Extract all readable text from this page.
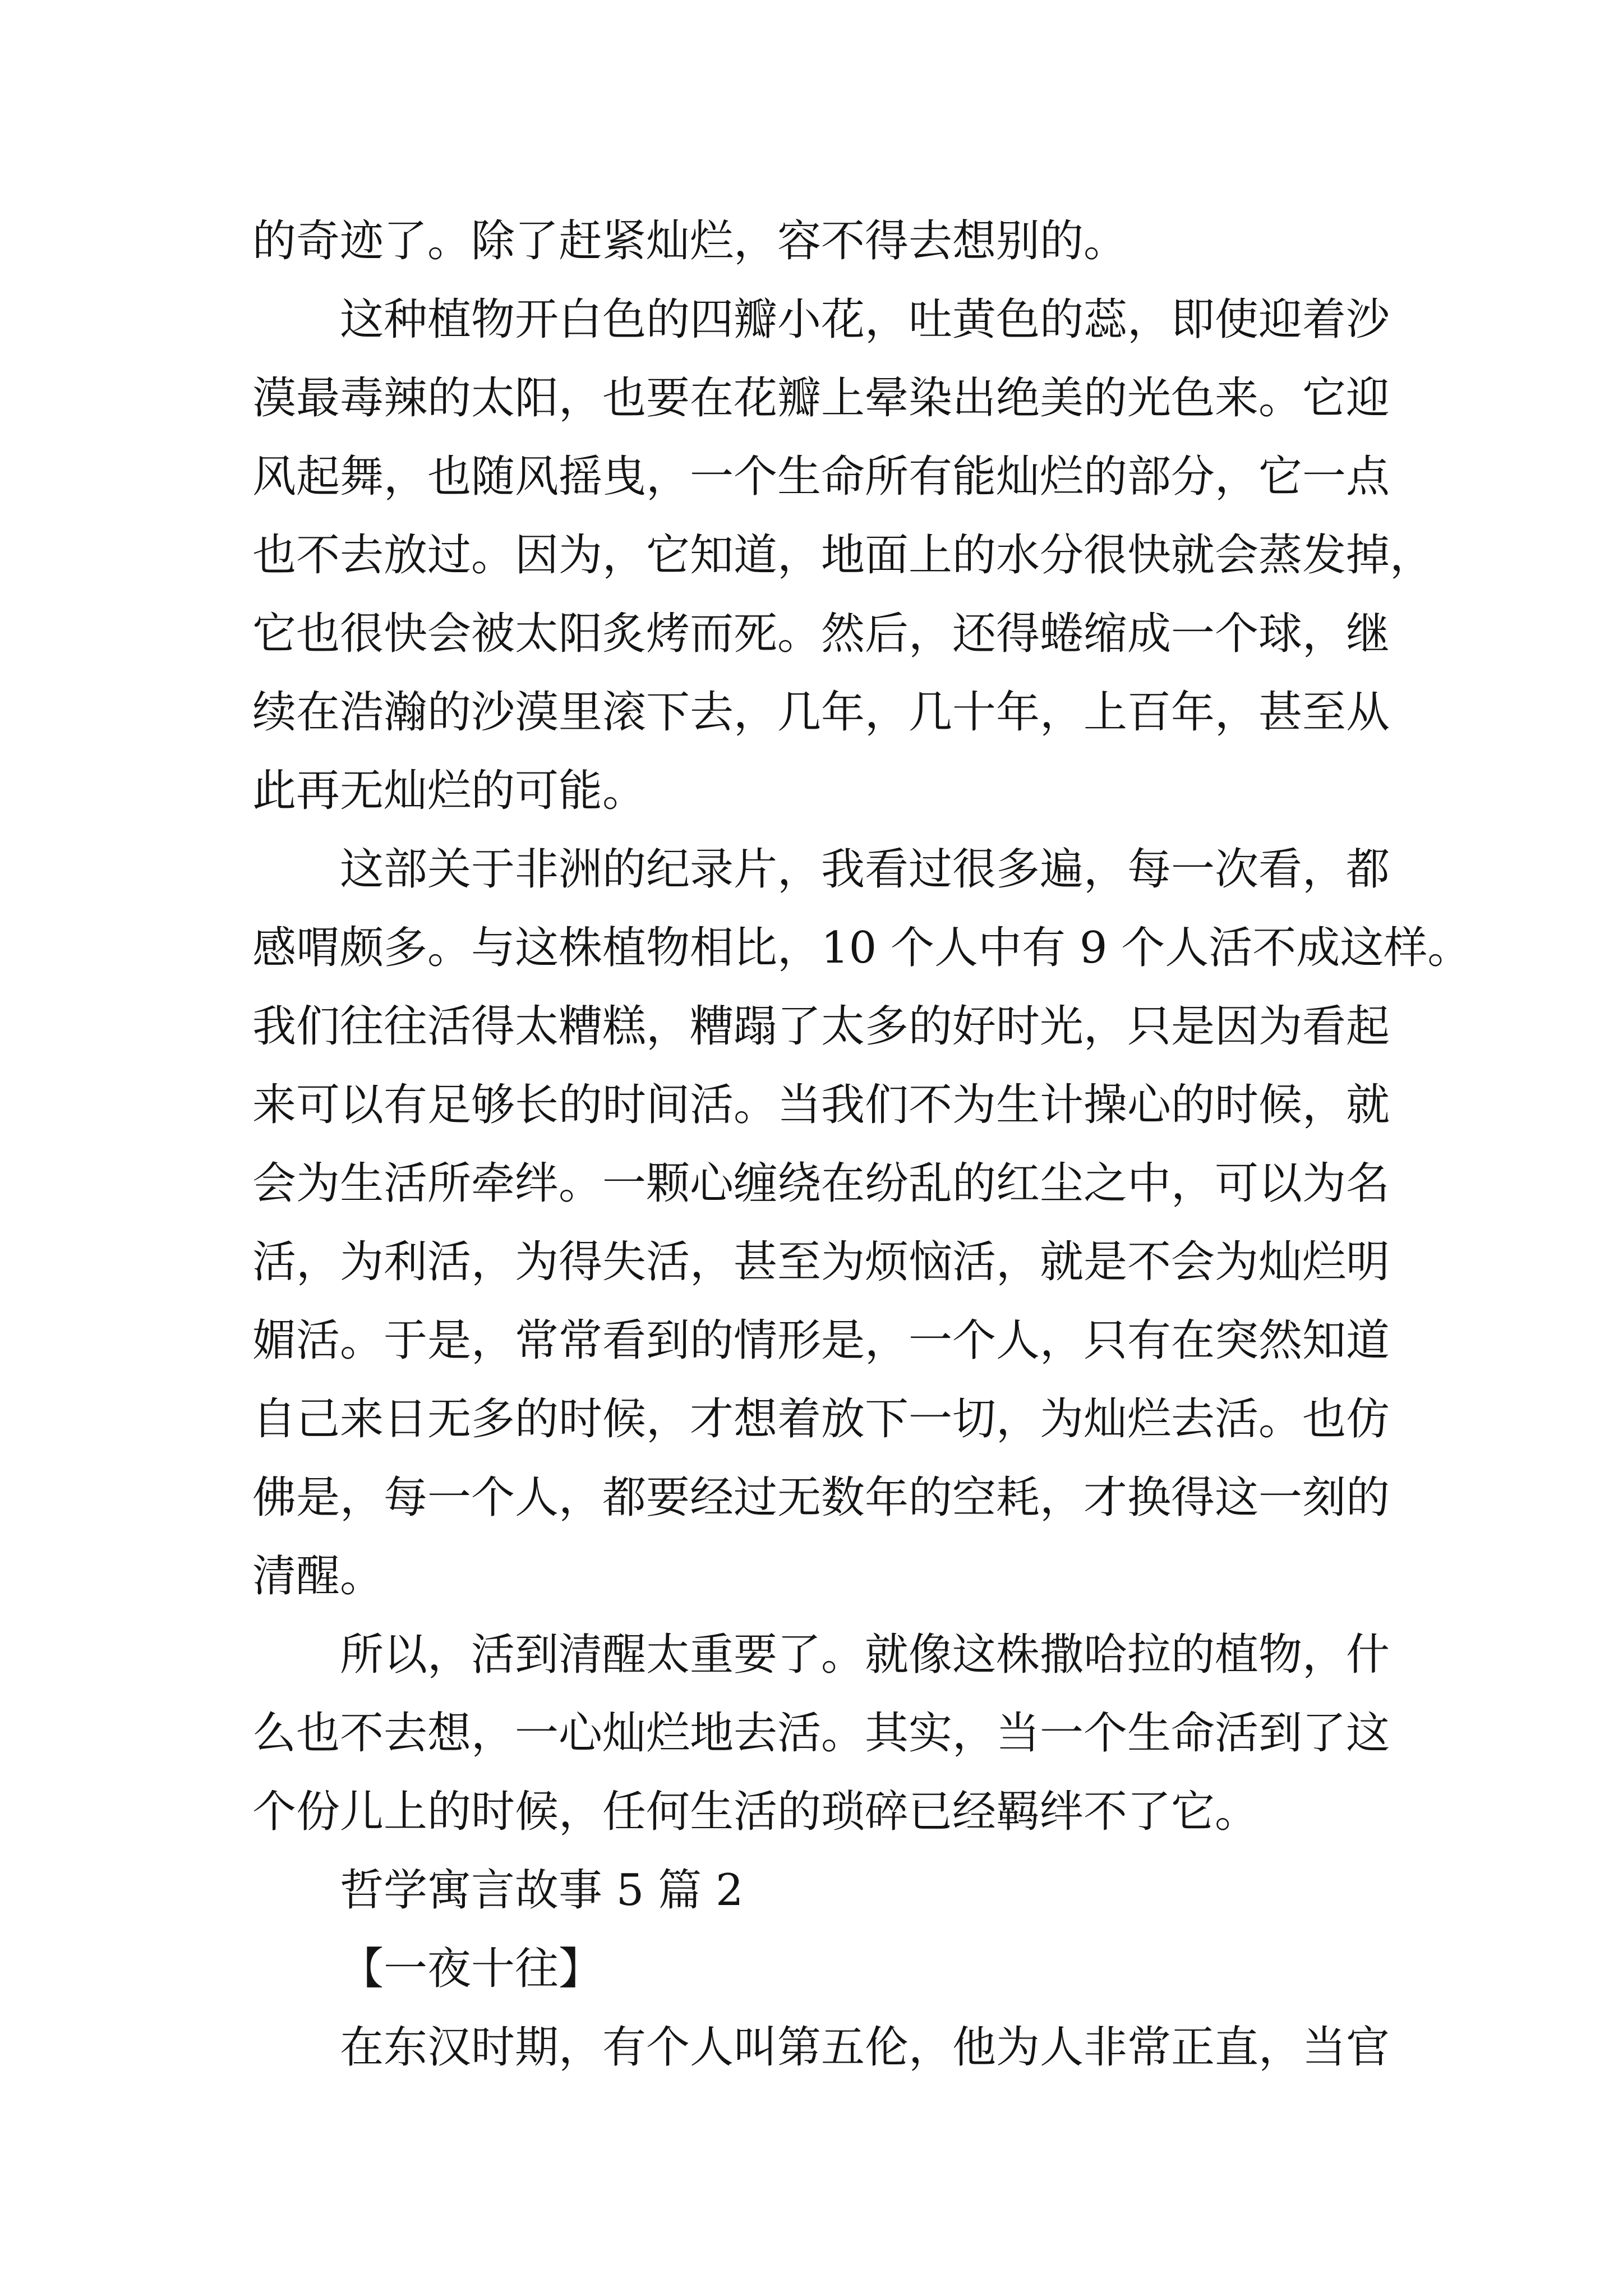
的奇迹了。除了赶紧灿烂，容不得去想别的。

这种植物开白色的四瓣小花，吐黄色的蕊，即使迎着沙

漠最毒辣的太阳，也要在花瓣上晕染出绝美的光色来。它迎

风起舞，也随风摇曳，一个生命所有能灿烂的部分，它一点

也不去放过。因为，它知道，地面上的水分很快就会蒸发掉，

它也很快会被太阳炙烤而死。然后，还得蜷缩成一个球，继

续在浩瀚的沙漠里滚下去，几年，几十年，上百年，甚至从

此再无灿烂的可能。

这部关于非洲的纪录片，我看过很多遍，每一次看，都

感喟颇多。与这株植物相比，10 个人中有 9 个人活不成这样。

我们往往活得太糟糕，糟蹋了太多的好时光，只是因为看起

来可以有足够长的时间活。当我们不为生计操心的时候，就

会为生活所牵绊。一颗心缠绕在纷乱的红尘之中，可以为名

活，为利活，为得失活，甚至为烦恼活，就是不会为灿烂明

媚活。于是，常常看到的情形是，一个人，只有在突然知道

自己来日无多的时候，才想着放下一切，为灿烂去活。也仿

佛是，每一个人，都要经过无数年的空耗，才换得这一刻的

清醒。

所以，活到清醒太重要了。就像这株撒哈拉的植物，什

么也不去想，一心灿烂地去活。其实，当一个生命活到了这

个份儿上的时候，任何生活的琐碎已经羁绊不了它。

哲学寓言故事 5 篇 2

【一夜十往】

在东汉时期，有个人叫第五伦，他为人非常正直，当官
